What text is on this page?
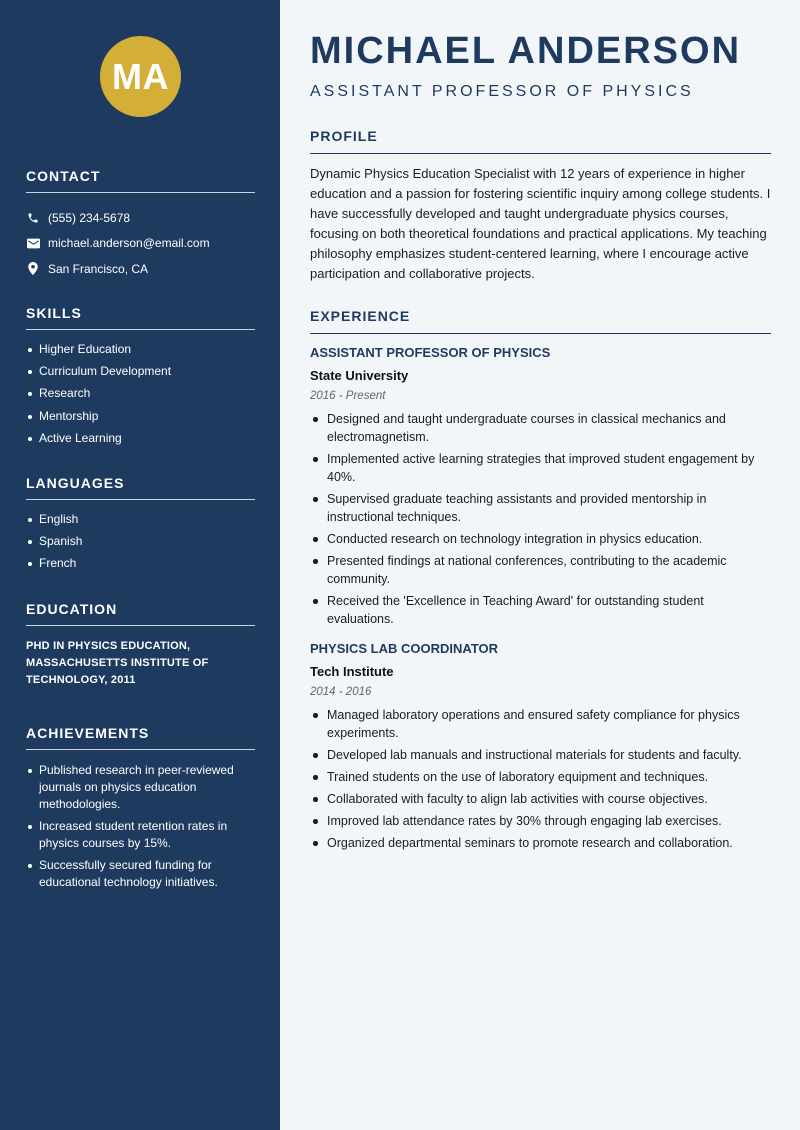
MA
CONTACT
(555) 234-5678
michael.anderson@email.com
San Francisco, CA
SKILLS
Higher Education
Curriculum Development
Research
Mentorship
Active Learning
LANGUAGES
English
Spanish
French
EDUCATION

PHD IN PHYSICS EDUCATION, MASSACHUSETTS INSTITUTE OF TECHNOLOGY, 2011

ACHIEVEMENTS
Published research in peer-reviewed journals on physics education methodologies.
Increased student retention rates in physics courses by 15%.
Successfully secured funding for educational technology initiatives.
MICHAEL ANDERSON
ASSISTANT PROFESSOR OF PHYSICS
PROFILE

Dynamic Physics Education Specialist with 12 years of experience in higher education and a passion for fostering scientific inquiry among college students. I have successfully developed and taught undergraduate physics courses, focusing on both theoretical foundations and practical applications. My teaching philosophy emphasizes student-centered learning, where I encourage active participation and collaborative projects.

EXPERIENCE
ASSISTANT PROFESSOR OF PHYSICS
State University
2016 - Present
Designed and taught undergraduate courses in classical mechanics and electromagnetism.
Implemented active learning strategies that improved student engagement by 40%.
Supervised graduate teaching assistants and provided mentorship in instructional techniques.
Conducted research on technology integration in physics education.
Presented findings at national conferences, contributing to the academic community.
Received the 'Excellence in Teaching Award' for outstanding student evaluations.
PHYSICS LAB COORDINATOR
Tech Institute
2014 - 2016
Managed laboratory operations and ensured safety compliance for physics experiments.
Developed lab manuals and instructional materials for students and faculty.
Trained students on the use of laboratory equipment and techniques.
Collaborated with faculty to align lab activities with course objectives.
Improved lab attendance rates by 30% through engaging lab exercises.
Organized departmental seminars to promote research and collaboration.
